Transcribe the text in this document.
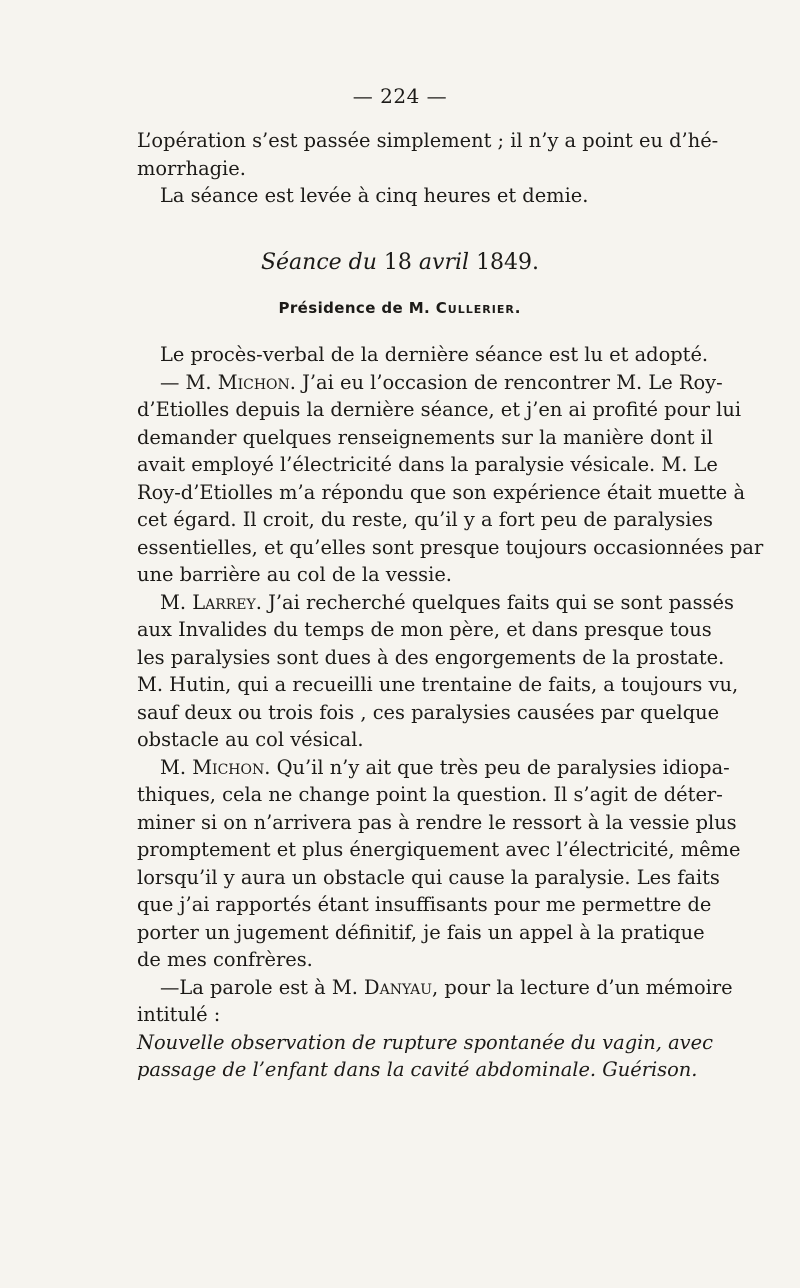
— 224 —
L’opération s’est passée simplement ; il n’y a point eu d’hé-
morrhagie.
La séance est levée à cinq heures et demie.
Séance du 18 avril 1849.
Présidence de M. Cullerier.
Le procès-verbal de la dernière séance est lu et adopté.
— M. Michon. J’ai eu l’occasion de rencontrer M. Le Roy-
d’Etiolles depuis la dernière séance, et j’en ai profité pour lui
demander quelques renseignements sur la manière dont il
avait employé l’électricité dans la paralysie vésicale. M. Le
Roy-d’Etiolles m’a répondu que son expérience était muette à
cet égard. Il croit, du reste, qu’il y a fort peu de paralysies
essentielles, et qu’elles sont presque toujours occasionnées par
une barrière au col de la vessie.
M. Larrey. J’ai recherché quelques faits qui se sont passés
aux Invalides du temps de mon père, et dans presque tous
les paralysies sont dues à des engorgements de la prostate.
M. Hutin, qui a recueilli une trentaine de faits, a toujours vu,
sauf deux ou trois fois , ces paralysies causées par quelque
obstacle au col vésical.
M. Michon. Qu’il n’y ait que très peu de paralysies idiopa-
thiques, cela ne change point la question. Il s’agit de déter-
miner si on n’arrivera pas à rendre le ressort à la vessie plus
promptement et plus énergiquement avec l’électricité, même
lorsqu’il y aura un obstacle qui cause la paralysie. Les faits
que j’ai rapportés étant insuffisants pour me permettre de
porter un jugement définitif, je fais un appel à la pratique
de mes confrères.
—La parole est à M. Danyau, pour la lecture d’un mémoire
intitulé :
Nouvelle observation de rupture spontanée du vagin, avec
passage de l’enfant dans la cavité abdominale. Guérison.
